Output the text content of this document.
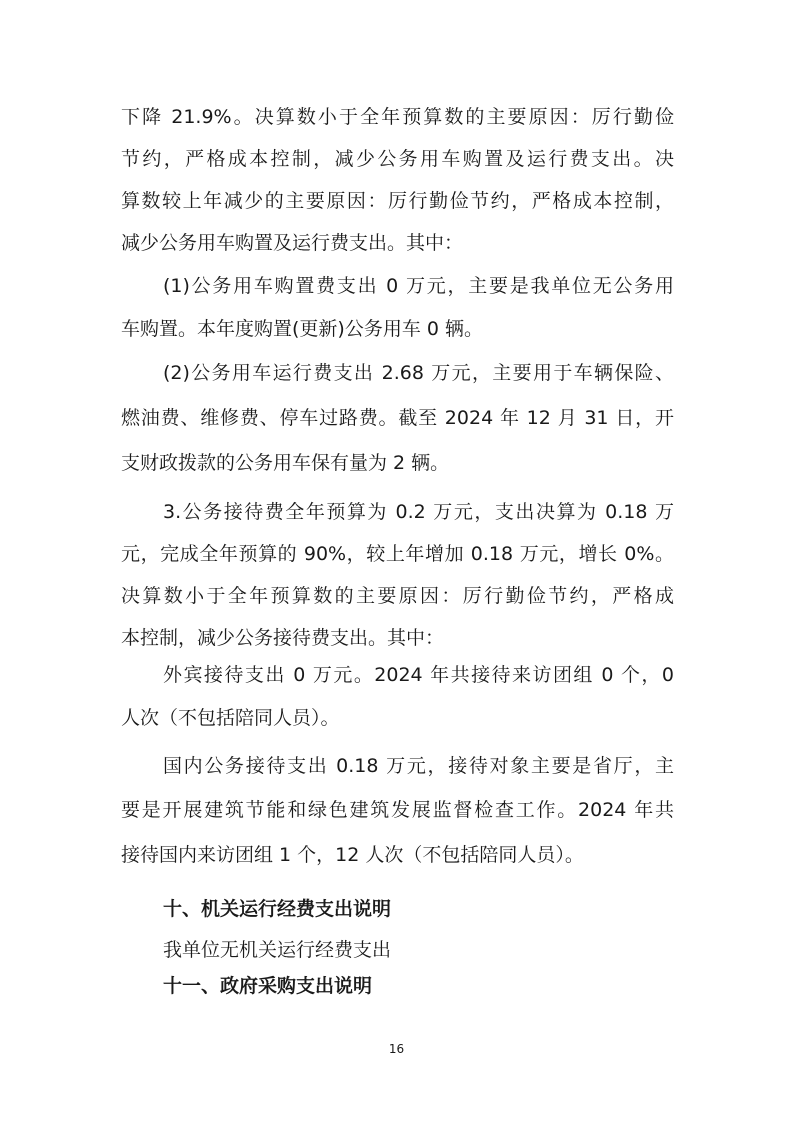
下降 21.9%。决算数小于全年预算数的主要原因：厉行勤俭
节约，严格成本控制，减少公务用车购置及运行费支出。决
算数较上年减少的主要原因：厉行勤俭节约，严格成本控制，
减少公务用车购置及运行费支出。其中：
(1)公务用车购置费支出 0 万元，主要是我单位无公务用
车购置。本年度购置(更新)公务用车 0 辆。
(2)公务用车运行费支出 2.68 万元，主要用于车辆保险、
燃油费、维修费、停车过路费。截至 2024 年 12 月 31 日，开
支财政拨款的公务用车保有量为 2 辆。
3.公务接待费全年预算为 0.2 万元，支出决算为 0.18 万
元，完成全年预算的 90%，较上年增加 0.18 万元，增长 0%。
决算数小于全年预算数的主要原因：厉行勤俭节约，严格成
本控制，减少公务接待费支出。其中：
外宾接待支出 0 万元。2024 年共接待来访团组 0 个，0
人次（不包括陪同人员）。
国内公务接待支出 0.18 万元，接待对象主要是省厅，主
要是开展建筑节能和绿色建筑发展监督检查工作。2024 年共
接待国内来访团组 1 个，12 人次（不包括陪同人员）。
十、机关运行经费支出说明
我单位无机关运行经费支出
十一、政府采购支出说明
16
